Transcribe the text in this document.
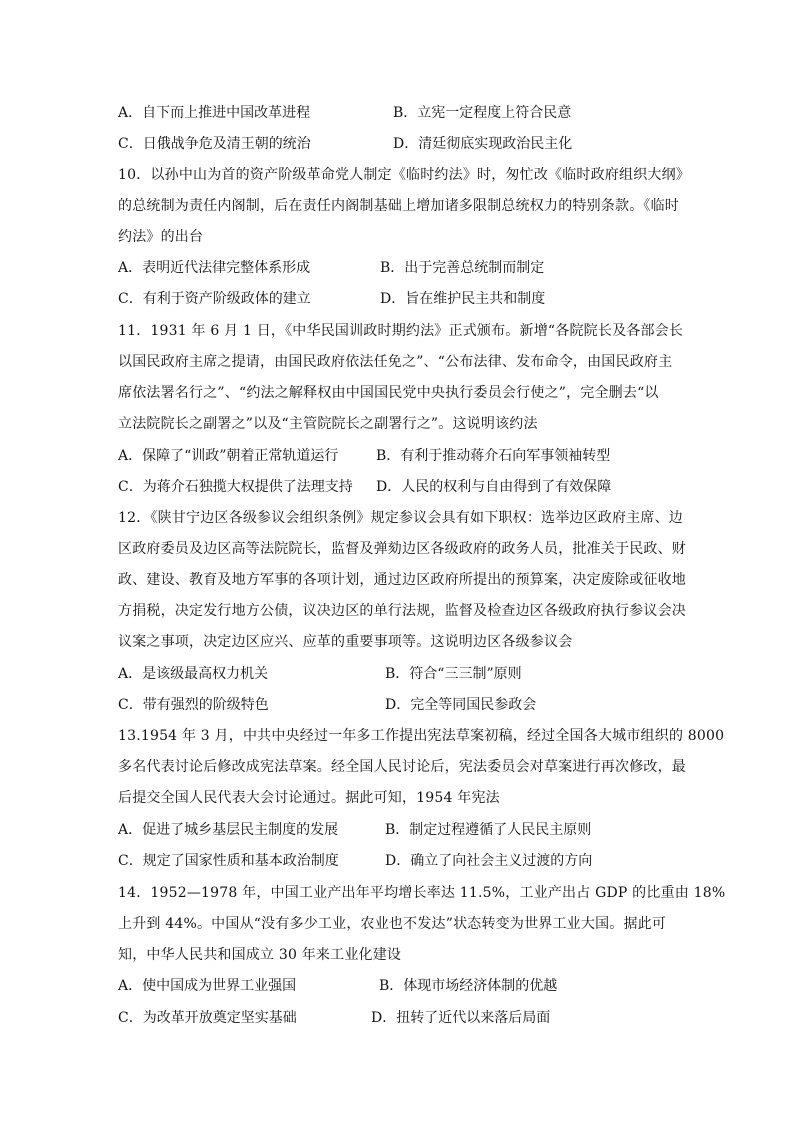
A．自下而上推进中国改革进程	B．立宪一定程度上符合民意
C．日俄战争危及清王朝的统治	D．清廷彻底实现政治民主化
10．以孙中山为首的资产阶级革命党人制定《临时约法》时，匆忙改《临时政府组织大纲》
的总统制为责任内阁制，后在责任内阁制基础上增加诸多限制总统权力的特别条款。《临时
约法》的出台
A．表明近代法律完整体系形成	B．出于完善总统制而制定
C．有利于资产阶级政体的建立	D．旨在维护民主共和制度
11．1931 年 6 月 1 日，《中华民国训政时期约法》正式颁布。新增“各院院长及各部会长
以国民政府主席之提请，由国民政府依法任免之”、“公布法律、发布命令，由国民政府主
席依法署名行之”、“约法之解释权由中国国民党中央执行委员会行使之”，完全删去“以
立法院院长之副署之”以及“主管院院长之副署行之”。这说明该约法
A．保障了“训政”朝着正常轨道运行	B．有利于推动蒋介石向军事领袖转型
C．为蒋介石独揽大权提供了法理支持 D．人民的权利与自由得到了有效保障
12．《陕甘宁边区各级参议会组织条例》规定参议会具有如下职权：选举边区政府主席、边
区政府委员及边区高等法院院长，监督及弹劾边区各级政府的政务人员，批准关于民政、财
政、建设、教育及地方军事的各项计划，通过边区政府所提出的预算案，决定废除或征收地
方捐税，决定发行地方公债，议决边区的单行法规，监督及检查边区各级政府执行参议会决
议案之事项，决定边区应兴、应革的重要事项等。这说明边区各级参议会
A．是该级最高权力机关	B．符合“三三制”原则
C．带有强烈的阶级特色	D．完全等同国民参政会
13.1954 年 3 月，中共中央经过一年多工作提出宪法草案初稿，经过全国各大城市组织的 8000
多名代表讨论后修改成宪法草案。经全国人民讨论后，宪法委员会对草案进行再次修改，最
后提交全国人民代表大会讨论通过。据此可知，1954 年宪法
A．促进了城乡基层民主制度的发展	B．制定过程遵循了人民民主原则
C．规定了国家性质和基本政治制度	D．确立了向社会主义过渡的方向
14．1952—1978 年，中国工业产出年平均增长率达 11.5%，工业产出占 GDP 的比重由 18%
上升到 44%。中国从“没有多少工业，农业也不发达”状态转变为世界工业大国。据此可
知，中华人民共和国成立 30 年来工业化建设
A．使中国成为世界工业强国	B．体现市场经济体制的优越
C．为改革开放奠定坚实基础	D．扭转了近代以来落后局面
